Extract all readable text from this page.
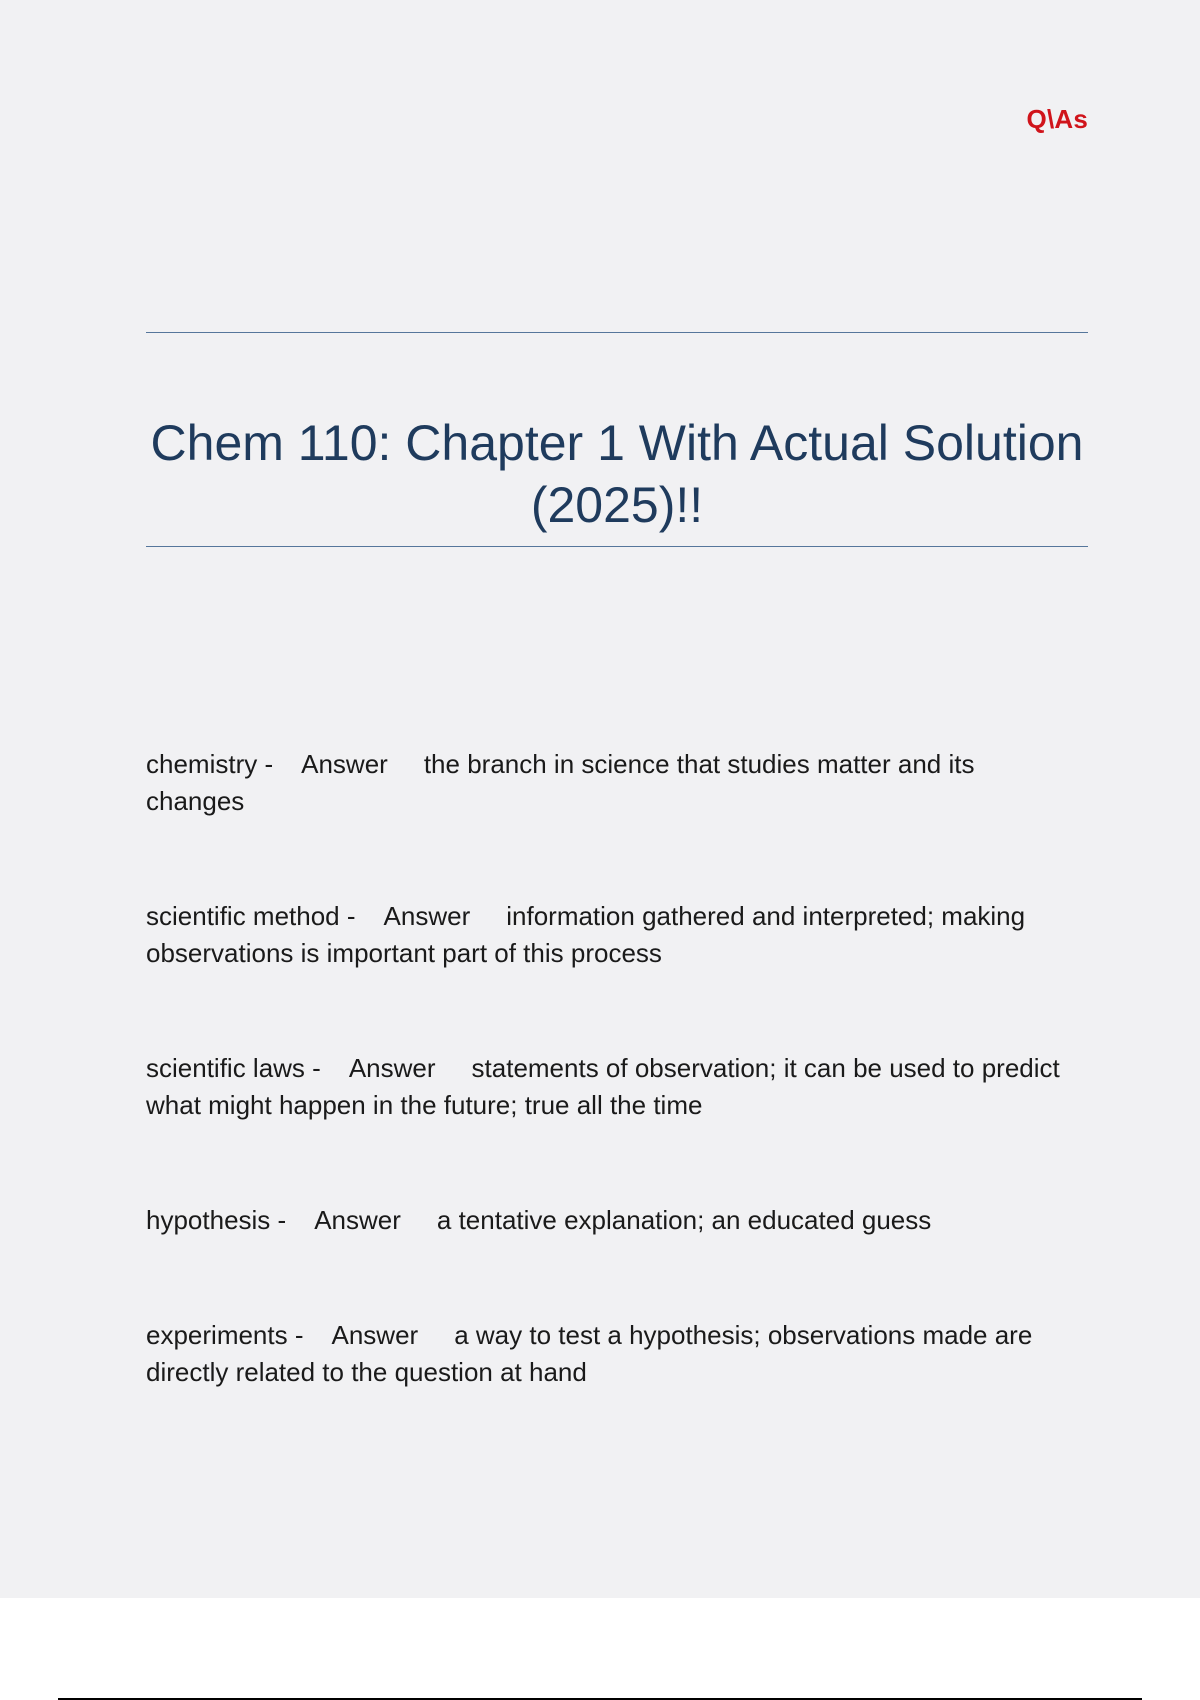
Q\As
Chem 110: Chapter 1 With Actual Solution (2025)!!
chemistry - Answer the branch in science that studies matter and its changes
scientific method - Answer information gathered and interpreted; making observations is important part of this process
scientific laws - Answer statements of observation; it can be used to predict what might happen in the future; true all the time
hypothesis - Answer a tentative explanation; an educated guess
experiments - Answer a way to test a hypothesis; observations made are directly related to the question at hand
